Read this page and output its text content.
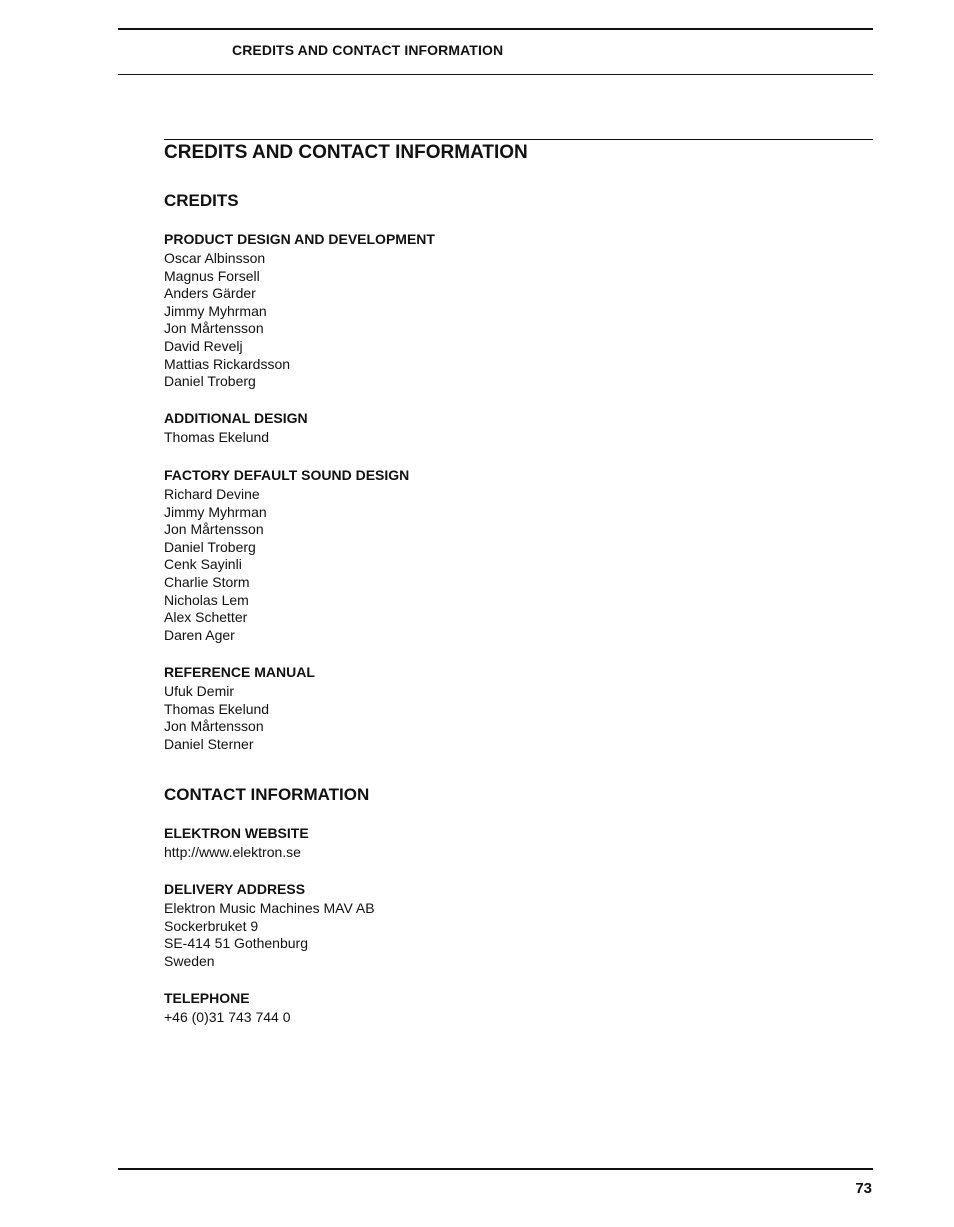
CREDITS AND CONTACT INFORMATION
CREDITS AND CONTACT INFORMATION
CREDITS
PRODUCT DESIGN AND DEVELOPMENT
Oscar Albinsson
Magnus Forsell
Anders Gärder
Jimmy Myhrman
Jon Mårtensson
David Revelj
Mattias Rickardsson
Daniel Troberg
ADDITIONAL DESIGN
Thomas Ekelund
FACTORY DEFAULT SOUND DESIGN
Richard Devine
Jimmy Myhrman
Jon Mårtensson
Daniel Troberg
Cenk Sayinli
Charlie Storm
Nicholas Lem
Alex Schetter
Daren Ager
REFERENCE MANUAL
Ufuk Demir
Thomas Ekelund
Jon Mårtensson
Daniel Sterner
CONTACT INFORMATION
ELEKTRON WEBSITE
http://www.elektron.se
DELIVERY ADDRESS
Elektron Music Machines MAV AB
Sockerbruket 9
SE-414 51 Gothenburg
Sweden
TELEPHONE
+46 (0)31 743 744 0
73
